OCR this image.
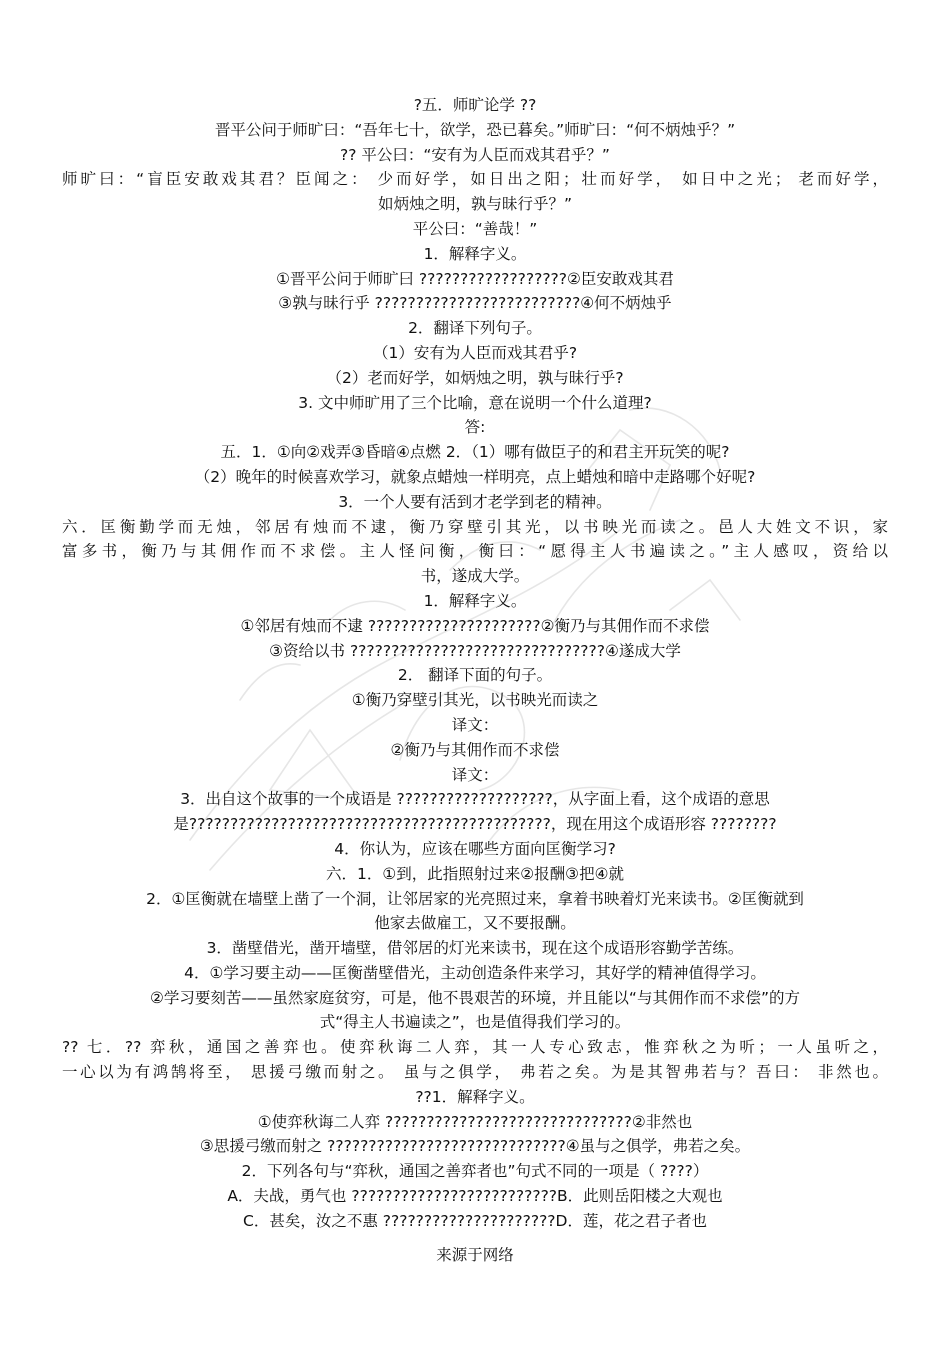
?五．师旷论学 ??
晋平公问于师旷曰：“吾年七十，欲学，恐已暮矣。”师旷曰：“何不炳烛乎？”
?? 平公曰：“安有为人臣而戏其君乎？”
师旷曰：“盲臣安敢戏其君？臣闻之： 少而好学，如日出之阳；壮而好学， 如日中之光； 老而好学，
如炳烛之明，孰与昧行乎？”
平公曰：“善哉！”
1．解释字义。
①晋平公问于师旷曰 ??????????????????②臣安敢戏其君
③孰与昧行乎 ?????????????????????????④何不炳烛乎
2．翻译下列句子。
（1）安有为人臣而戏其君乎?
（2）老而好学，如炳烛之明，孰与昧行乎?
3. 文中师旷用了三个比喻，意在说明一个什么道理?
答:
五．1．①向②戏弄③昏暗④点燃 2．（1）哪有做臣子的和君主开玩笑的呢?
（2）晚年的时候喜欢学习，就象点蜡烛一样明亮，点上蜡烛和暗中走路哪个好呢?
3．一个人要有活到才老学到老的精神。
六．匡衡勤学而无烛，邻居有烛而不逮，衡乃穿壁引其光，以书映光而读之。邑人大姓文不识，家
富多书，衡乃与其佣作而不求偿。主人怪问衡，衡曰：“愿得主人书遍读之。”主人感叹，资给以
书，遂成大学。
1．解释字义。
①邻居有烛而不逮 ?????????????????????②衡乃与其佣作而不求偿
③资给以书 ???????????????????????????????④遂成大学
2． 翻译下面的句子。
①衡乃穿壁引其光，以书映光而读之
译文：
②衡乃与其佣作而不求偿
译文：
3．出自这个故事的一个成语是 ???????????????????，从字面上看，这个成语的意思
是????????????????????????????????????????????，现在用这个成语形容 ????????
4．你认为，应该在哪些方面向匡衡学习?
六．1．①到，此指照射过来②报酬③把④就
2．①匡衡就在墙壁上凿了一个洞，让邻居家的光亮照过来，拿着书映着灯光来读书。②匡衡就到
他家去做雇工，又不要报酬。
3．凿壁借光，凿开墙壁，借邻居的灯光来读书，现在这个成语形容勤学苦练。
4．①学习要主动——匡衡凿壁借光，主动创造条件来学习，其好学的精神值得学习。
②学习要刻苦——虽然家庭贫穷，可是，他不畏艰苦的环境，并且能以“与其佣作而不求偿”的方
式“得主人书遍读之”，也是值得我们学习的。
?? 七．?? 弈秋，通国之善弈也。使弈秋诲二人弈，其一人专心致志，惟弈秋之为听；一人虽听之，
一心以为有鸿鹄将至， 思援弓缴而射之。 虽与之俱学， 弗若之矣。为是其智弗若与？吾曰： 非然也。
??1．解释字义。
①使弈秋诲二人弈 ??????????????????????????????②非然也
③思援弓缴而射之 ?????????????????????????????④虽与之俱学，弗若之矣。
2．下列各句与“弈秋，通国之善弈者也”句式不同的一项是（ ????）
A．夫战，勇气也 ?????????????????????????B．此则岳阳楼之大观也
C．甚矣，汝之不惠 ?????????????????????D．莲，花之君子者也
来源于网络
